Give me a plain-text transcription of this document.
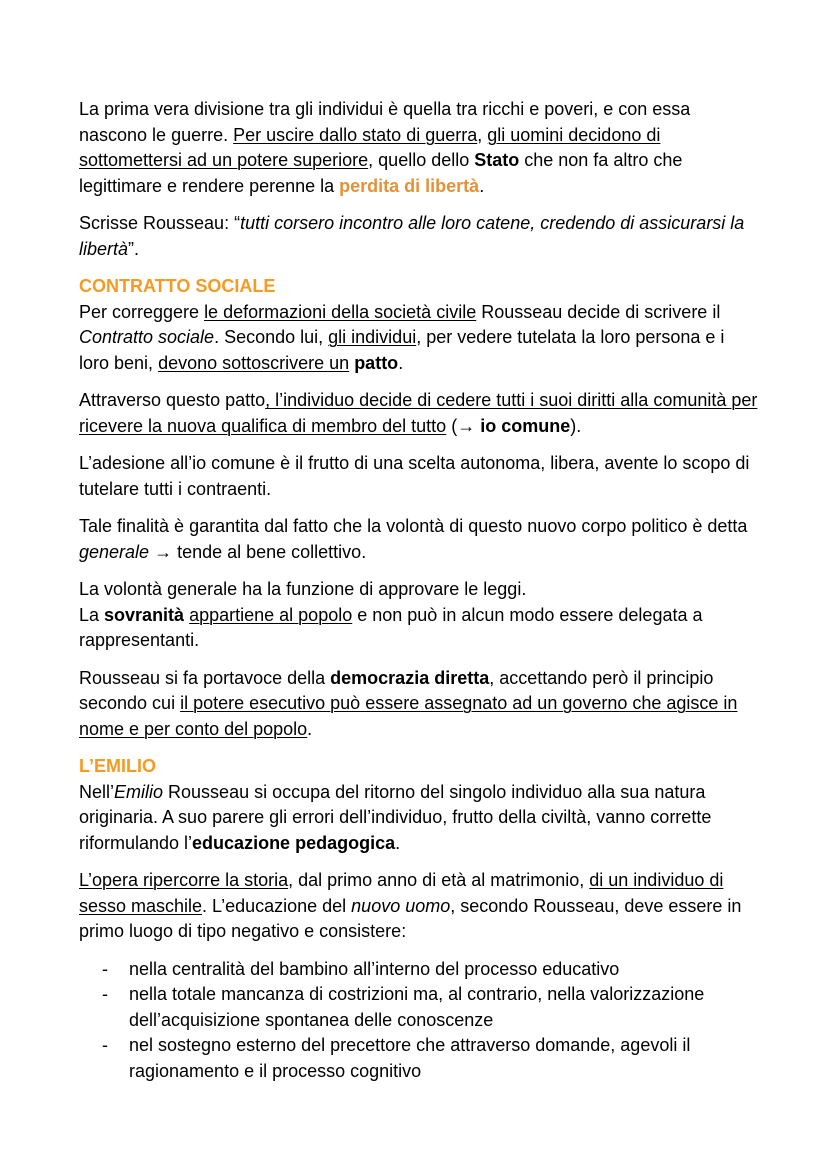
La prima vera divisione tra gli individui è quella tra ricchi e poveri, e con essa nascono le guerre. Per uscire dallo stato di guerra, gli uomini decidono di sottomettersi ad un potere superiore, quello dello Stato che non fa altro che legittimare e rendere perenne la perdita di libertà.

Scrisse Rousseau: “tutti corsero incontro alle loro catene, credendo di assicurarsi la libertà”.

CONTRATTO SOCIALE

Per correggere le deformazioni della società civile Rousseau decide di scrivere il Contratto sociale. Secondo lui, gli individui, per vedere tutelata la loro persona e i loro beni, devono sottoscrivere un patto.

Attraverso questo patto, l’individuo decide di cedere tutti i suoi diritti alla comunità per ricevere la nuova qualifica di membro del tutto (→ io comune).

L’adesione all’io comune è il frutto di una scelta autonoma, libera, avente lo scopo di tutelare tutti i contraenti.

Tale finalità è garantita dal fatto che la volontà di questo nuovo corpo politico è detta generale → tende al bene collettivo.

La volontà generale ha la funzione di approvare le leggi.
La sovranità appartiene al popolo e non può in alcun modo essere delegata a rappresentanti.

Rousseau si fa portavoce della democrazia diretta, accettando però il principio secondo cui il potere esecutivo può essere assegnato ad un governo che agisce in nome e per conto del popolo.

L’EMILIO

Nell’Emilio Rousseau si occupa del ritorno del singolo individuo alla sua natura originaria. A suo parere gli errori dell’individuo, frutto della civiltà, vanno corrette riformulando l’educazione pedagogica.

L’opera ripercorre la storia, dal primo anno di età al matrimonio, di un individuo di sesso maschile. L’educazione del nuovo uomo, secondo Rousseau, deve essere in primo luogo di tipo negativo e consistere:

- nella centralità del bambino all’interno del processo educativo
- nella totale mancanza di costrizioni ma, al contrario, nella valorizzazione dell’acquisizione spontanea delle conoscenze
- nel sostegno esterno del precettore che attraverso domande, agevoli il ragionamento e il processo cognitivo
